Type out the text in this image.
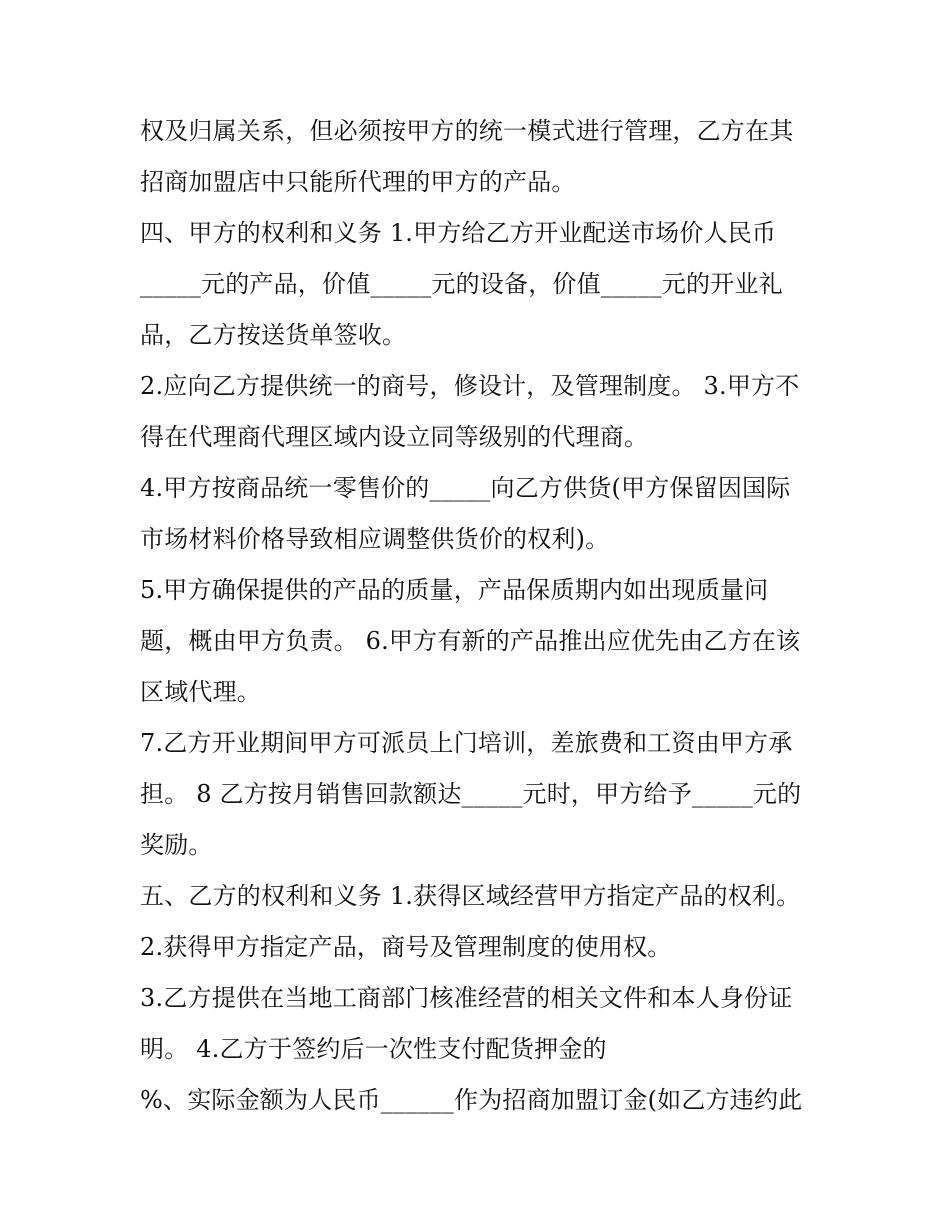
权及归属关系，但必须按甲方的统一模式进行管理，乙方在其
招商加盟店中只能所代理的甲方的产品。
四、甲方的权利和义务 1.甲方给乙方开业配送市场价人民币
_____元的产品，价值_____元的设备，价值_____元的开业礼
品，乙方按送货单签收。
2.应向乙方提供统一的商号，修设计，及管理制度。 3.甲方不
得在代理商代理区域内设立同等级别的代理商。
4.甲方按商品统一零售价的_____向乙方供货(甲方保留因国际
市场材料价格导致相应调整供货价的权利)。
5.甲方确保提供的产品的质量，产品保质期内如出现质量问
题，概由甲方负责。 6.甲方有新的产品推出应优先由乙方在该
区域代理。
7.乙方开业期间甲方可派员上门培训，差旅费和工资由甲方承
担。 8 乙方按月销售回款额达_____元时，甲方给予_____元的
奖励。
五、乙方的权利和义务 1.获得区域经营甲方指定产品的权利。
2.获得甲方指定产品，商号及管理制度的使用权。
3.乙方提供在当地工商部门核准经营的相关文件和本人身份证
明。 4.乙方于签约后一次性支付配货押金的
%、实际金额为人民币______作为招商加盟订金(如乙方违约此
